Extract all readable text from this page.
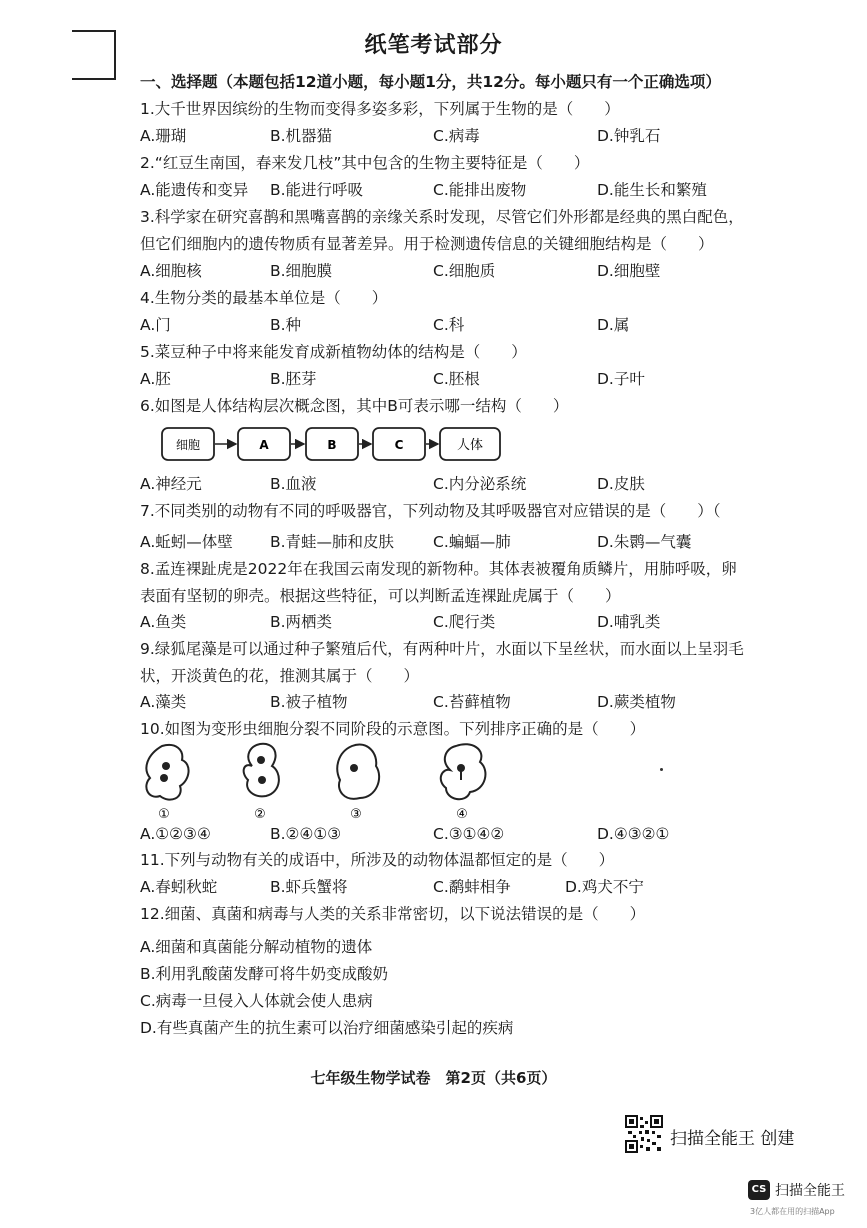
纸笔考试部分
一、选择题（本题包括12道小题，每小题1分，共12分。每小题只有一个正确选项）
1.大千世界因缤纷的生物而变得多姿多彩，下列属于生物的是（　　）
A.珊瑚	B.机器猫	C.病毒	D.钟乳石
2.“红豆生南国，春来发几枝”其中包含的生物主要特征是（　　）
A.能遗传和变异 B.能进行呼吸	C.能排出废物	D.能生长和繁殖
3.科学家在研究喜鹊和黑嘴喜鹊的亲缘关系时发现，尽管它们外形都是经典的黑白配色，
但它们细胞内的遗传物质有显著差异。用于检测遗传信息的关键细胞结构是（　　）
A.细胞核	B.细胞膜	C.细胞质	D.细胞壁
4.生物分类的最基本单位是（　　）
A.门	B.种	C.科	D.属
5.菜豆种子中将来能发育成新植物幼体的结构是（　　）
A.胚	B.胚芽	C.胚根	D.子叶
6.如图是人体结构层次概念图，其中B可表示哪一结构（　　）
细胞	A	B	C	人体
A.神经元	B.血液	C.内分泌系统	D.皮肤
7.不同类别的动物有不同的呼吸器官，下列动物及其呼吸器官对应错误的是（　　）（
A.蚯蚓—体壁 B.青蛙—肺和皮肤	C.蝙蝠—肺	D.朱鹮—气囊
8.孟连裸趾虎是2022年在我国云南发现的新物种。其体表被覆角质鳞片，用肺呼吸，卵
表面有坚韧的卵壳。根据这些特征，可以判断孟连裸趾虎属于（　　）
A.鱼类	B.两栖类	C.爬行类	D.哺乳类
9.绿狐尾藻是可以通过种子繁殖后代，有两种叶片，水面以下呈丝状，而水面以上呈羽毛
状，开淡黄色的花，推测其属于（　　）
A.藻类	B.被子植物	C.苔藓植物	D.蕨类植物
10.如图为变形虫细胞分裂不同阶段的示意图。下列排序正确的是（　　）
①	②	③	④
A.①②③④	B.②④①③	C.③①④②	D.④③②①
11.下列与动物有关的成语中，所涉及的动物体温都恒定的是（　　）
A.春蚓秋蛇	B.虾兵蟹将	C.鹬蚌相争	D.鸡犬不宁
12.细菌、真菌和病毒与人类的关系非常密切，以下说法错误的是（　　）
A.细菌和真菌能分解动植物的遗体
B.利用乳酸菌发酵可将牛奶变成酸奶
C.病毒一旦侵入人体就会使人患病
D.有些真菌产生的抗生素可以治疗细菌感染引起的疾病
七年级生物学试卷　第2页（共6页）
扫描全能王 创建
CS 扫描全能王
3亿人都在用的扫描App
